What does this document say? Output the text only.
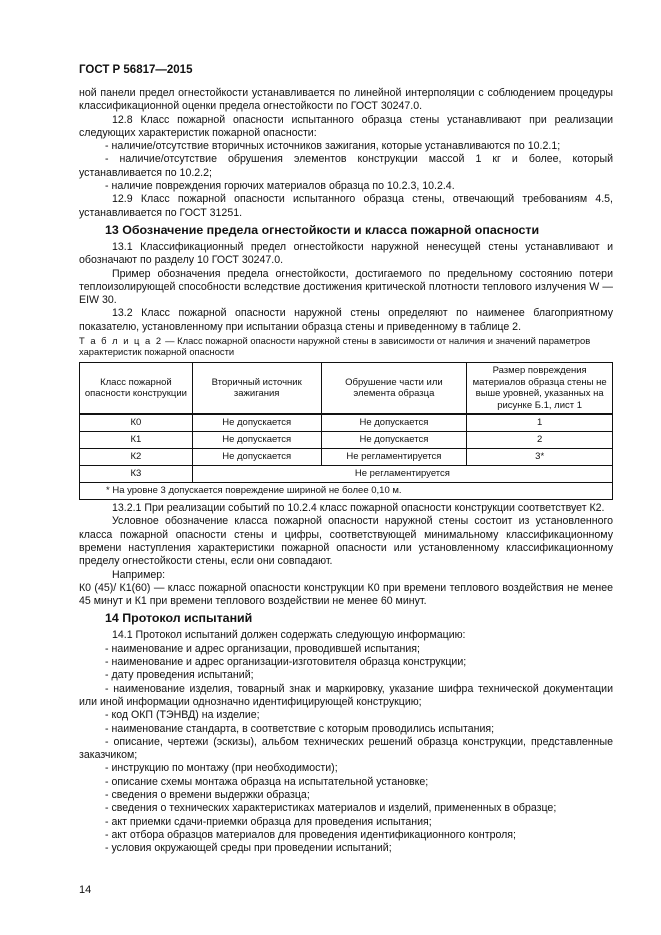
ГОСТ Р 56817—2015

ной панели предел огнестойкости устанавливается по линейной интерполяции с соблюдением процедуры классификационной оценки предела огнестойкости по ГОСТ 30247.0.

12.8 Класс пожарной опасности испытанного образца стены устанавливают при реализации следующих характеристик пожарной опасности:

- наличие/отсутствие вторичных источников зажигания, которые устанавливаются по 10.2.1;

- наличие/отсутствие обрушения элементов конструкции массой 1 кг и более, который устанавливается по 10.2.2;

- наличие повреждения горючих материалов образца по 10.2.3, 10.2.4.

12.9 Класс пожарной опасности испытанного образца стены, отвечающий требованиям 4.5, устанавливается по ГОСТ 31251.

13 Обозначение предела огнестойкости и класса пожарной опасности

13.1 Классификационный предел огнестойкости наружной ненесущей стены устанавливают и обозначают по разделу 10 ГОСТ 30247.0.

Пример обозначения предела огнестойкости, достигаемого по предельному состоянию потери теплоизолирующей способности вследствие достижения критической плотности теплового излучения W — EIW 30.

13.2 Класс пожарной опасности наружной стены определяют по наименее благоприятному показателю, установленному при испытании образца стены и приведенному в таблице 2.

Т а б л и ц а 2 — Класс пожарной опасности наружной стены в зависимости от наличия и значений параметров характеристик пожарной опасности
Класс пожарной опасности конструкции	Вторичный источник зажигания	Обрушение части или элемента образца	Размер повреждения материалов образца стены не выше уровней, указанных на рисунке Б.1, лист 1
К0	Не допускается	Не допускается	1
К1	Не допускается	Не допускается	2
К2	Не допускается	Не регламентируется	3*
К3	Не регламентируется		
* На уровне 3 допускается повреждение шириной не более 0,10 м.			

13.2.1 При реализации событий по 10.2.4 класс пожарной опасности конструкции соответствует К2.

Условное обозначение класса пожарной опасности наружной стены состоит из установленного класса пожарной опасности стены и цифры, соответствующей минимальному классификационному времени наступления характеристики пожарной опасности или установленному классификационному пределу огнестойкости стены, если они совпадают.

Например:

К0 (45)/ К1(60) — класс пожарной опасности конструкции К0 при времени теплового воздействия не менее 45 минут и К1 при времени теплового воздействии не менее 60 минут.

14 Протокол испытаний

14.1 Протокол испытаний должен содержать следующую информацию:

- наименование и адрес организации, проводившей испытания;

- наименование и адрес организации-изготовителя образца конструкции;

- дату проведения испытаний;

- наименование изделия, товарный знак и маркировку, указание шифра технической документации или иной информации однозначно идентифицирующей конструкцию;

- код ОКП (ТЭНВД) на изделие;

- наименование стандарта, в соответствие с которым проводились испытания;

- описание, чертежи (эскизы), альбом технических решений образца конструкции, представленные заказчиком;

- инструкцию по монтажу (при необходимости);

- описание схемы монтажа образца на испытательной установке;

- сведения о времени выдержки образца;

- сведения о технических характеристиках материалов и изделий, примененных в образце;

- акт приемки сдачи-приемки образца для проведения испытания;

- акт отбора образцов материалов для проведения идентификационного контроля;

- условия окружающей среды при проведении испытаний;

14
